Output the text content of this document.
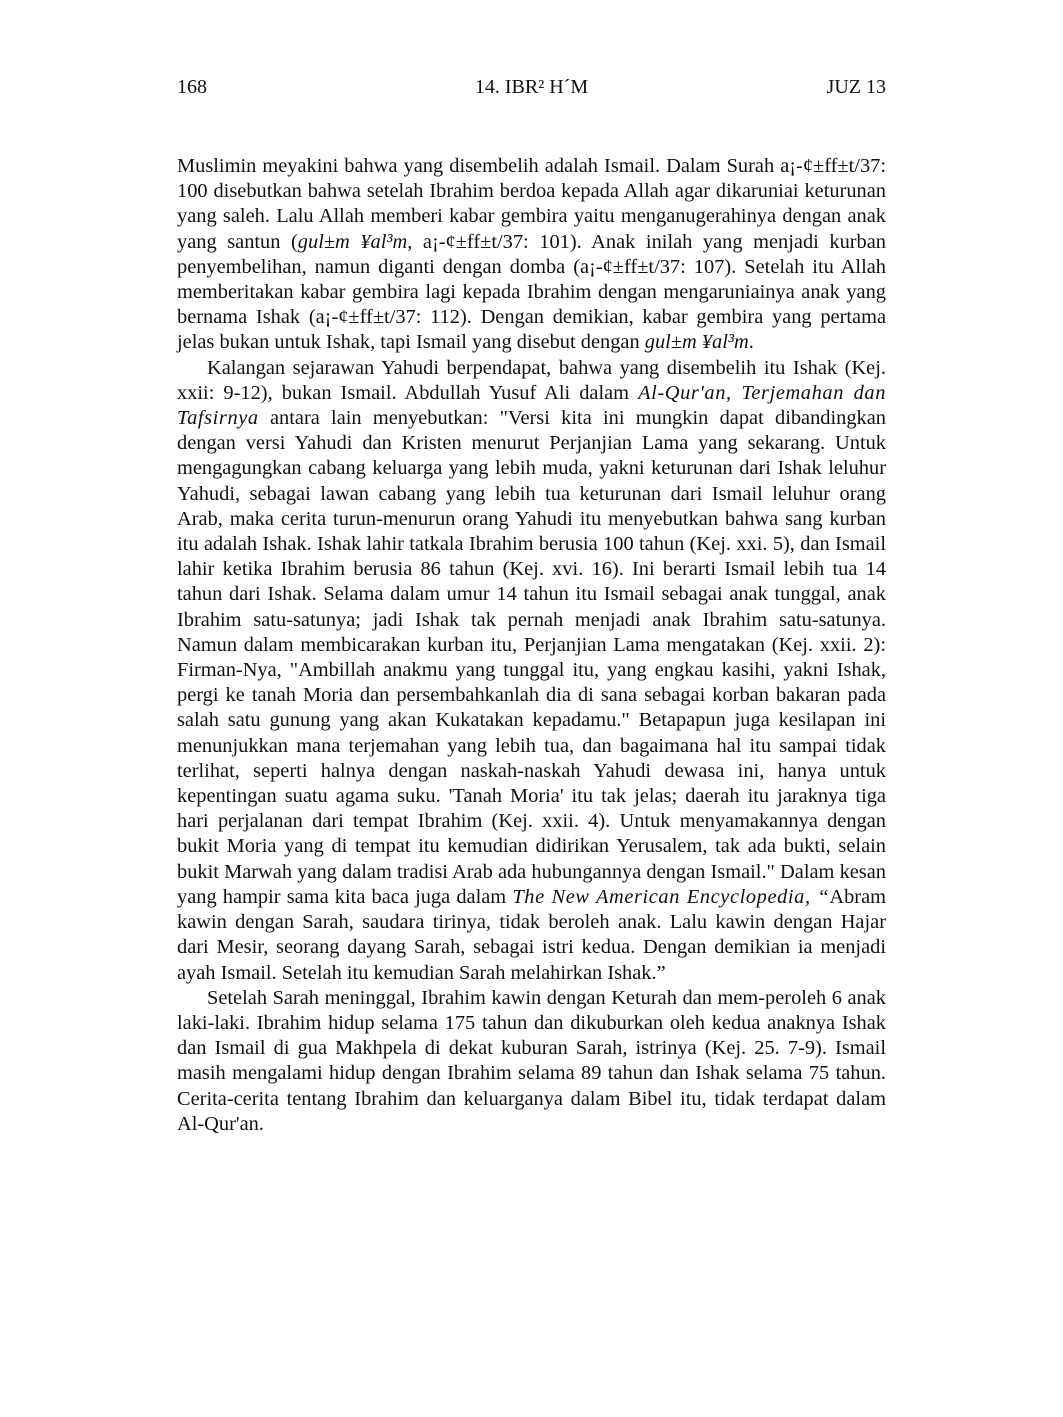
168	14. IBR² H´M	JUZ 13

Muslimin meyakini bahwa yang disembelih adalah Ismail. Dalam Surah a¡-¢±ff±t/37: 100 disebutkan bahwa setelah Ibrahim berdoa kepada Allah agar dikaruniai keturunan yang saleh. Lalu Allah memberi kabar gembira yaitu menganugerahinya dengan anak yang santun (gul±m ¥al³m, a¡-¢±ff±t/37: 101). Anak inilah yang menjadi kurban penyembelihan, namun diganti dengan domba (a¡-¢±ff±t/37: 107). Setelah itu Allah memberitakan kabar gembira lagi kepada Ibrahim dengan mengaruniainya anak yang bernama Ishak (a¡-¢±ff±t/37: 112). Dengan demikian, kabar gembira yang pertama jelas bukan untuk Ishak, tapi Ismail yang disebut dengan gul±m ¥al³m.

Kalangan sejarawan Yahudi berpendapat, bahwa yang disembelih itu Ishak (Kej. xxii: 9-12), bukan Ismail. Abdullah Yusuf Ali dalam Al-Qur'an, Terjemahan dan Tafsirnya antara lain menyebutkan: "Versi kita ini mungkin dapat dibandingkan dengan versi Yahudi dan Kristen menurut Perjanjian Lama yang sekarang. Untuk mengagungkan cabang keluarga yang lebih muda, yakni keturunan dari Ishak leluhur Yahudi, sebagai lawan cabang yang lebih tua keturunan dari Ismail leluhur orang Arab, maka cerita turun-menurun orang Yahudi itu menyebutkan bahwa sang kurban itu adalah Ishak. Ishak lahir tatkala Ibrahim berusia 100 tahun (Kej. xxi. 5), dan Ismail lahir ketika Ibrahim berusia 86 tahun (Kej. xvi. 16). Ini berarti Ismail lebih tua 14 tahun dari Ishak. Selama dalam umur 14 tahun itu Ismail sebagai anak tunggal, anak Ibrahim satu-satunya; jadi Ishak tak pernah menjadi anak Ibrahim satu-satunya. Namun dalam membicarakan kurban itu, Perjanjian Lama mengatakan (Kej. xxii. 2): Firman-Nya, "Ambillah anakmu yang tunggal itu, yang engkau kasihi, yakni Ishak, pergi ke tanah Moria dan persembahkanlah dia di sana sebagai korban bakaran pada salah satu gunung yang akan Kukatakan kepadamu." Betapapun juga kesilapan ini menunjukkan mana terjemahan yang lebih tua, dan bagaimana hal itu sampai tidak terlihat, seperti halnya dengan naskah-naskah Yahudi dewasa ini, hanya untuk kepentingan suatu agama suku. 'Tanah Moria' itu tak jelas; daerah itu jaraknya tiga hari perjalanan dari tempat Ibrahim (Kej. xxii. 4). Untuk menyamakannya dengan bukit Moria yang di tempat itu kemudian didirikan Yerusalem, tak ada bukti, selain bukit Marwah yang dalam tradisi Arab ada hubungannya dengan Ismail." Dalam kesan yang hampir sama kita baca juga dalam The New American Encyclopedia, “Abram kawin dengan Sarah, saudara tirinya, tidak beroleh anak. Lalu kawin dengan Hajar dari Mesir, seorang dayang Sarah, sebagai istri kedua. Dengan demikian ia menjadi ayah Ismail. Setelah itu kemudian Sarah melahirkan Ishak.”

Setelah Sarah meninggal, Ibrahim kawin dengan Keturah dan mem-peroleh 6 anak laki-laki. Ibrahim hidup selama 175 tahun dan dikuburkan oleh kedua anaknya Ishak dan Ismail di gua Makhpela di dekat kuburan Sarah, istrinya (Kej. 25. 7-9). Ismail masih mengalami hidup dengan Ibrahim selama 89 tahun dan Ishak selama 75 tahun. Cerita-cerita tentang Ibrahim dan keluarganya dalam Bibel itu, tidak terdapat dalam Al-Qur'an.
